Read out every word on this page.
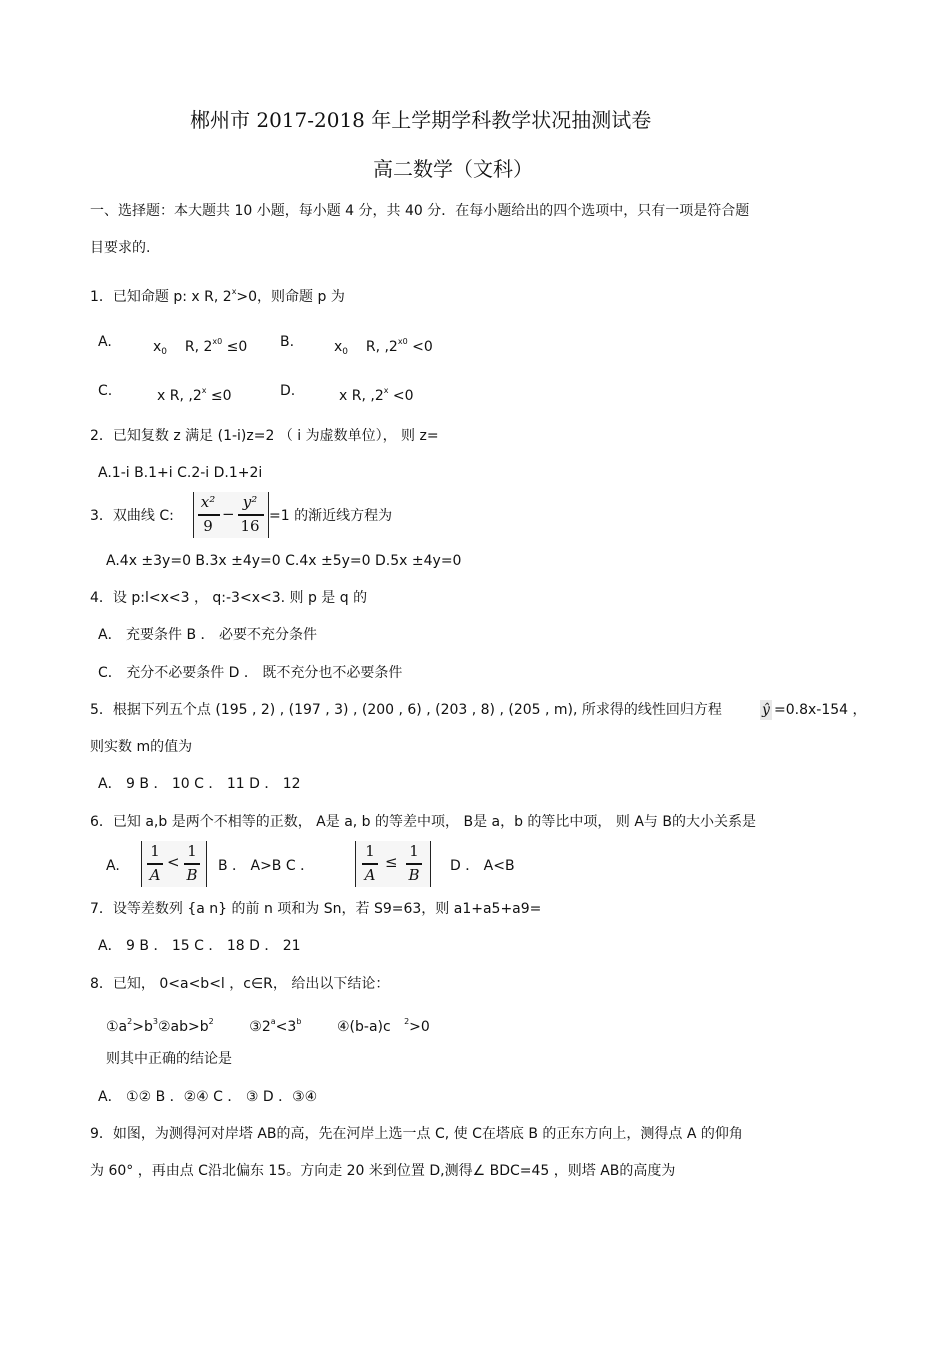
郴州市 2017-2018 年上学期学科教学状况抽测试卷
高二数学（文科）
一、选择题：本大题共 10 小题，每小题 4 分，共 40 分．在每小题给出的四个选项中，只有一项是符合题
目要求的.
1．已知命题 p: x R, $2^x>0$，则命题 p 为
A.	$x_0$ R, $2^{x0} \le 0$ B.	$x_0$ R, $,2^{x0} <0$
C.	x R, $,2^x \le 0$	D.	x R, $,2^x <0$
2．已知复数 z 满足 (1-i)z=2 （ i 为虚数单位）， 则 z=
A.1-i B.1+i C.2-i D.1+2i
3．双曲线 C:
x²
9
−
y²
16
=1 的渐近线方程为
A.4x ±3y=0 B.3x ±4y=0 C.4x ±5y=0 D.5x ±4y=0
4．设 p:l<x<3 ， q:-3<x<3. 则 p 是 q 的
A． 充要条件 B ． 必要不充分条件
C． 充分不必要条件 D ． 既不充分也不必要条件
5．根据下列五个点 (195 , 2) , (197 , 3) , (200 , 6) , (203 , 8) , (205 , m), 所求得的线性回归方程	ŷ =0.8x-154 ，
则实数 m的值为
A． 9 B ． 10 C ． 11 D ． 12
6．已知 a,b 是两个不相等的正数， A是 a, b 的等差中项， B是 a，b 的等比中项， 则 A与 B的大小关系是
A.
1
A
<
1
B	B ． A>B C ．
1
A
≤
1
B	D ． A<B
7．设等差数列 {a n} 的前 n 项和为 Sn，若 S9=63，则 a1+a5+a9=
A． 9 B ． 15 C ． 18 D ． 21
8．已知， 0<a<b<l ，c∈R， 给出以下结论：
$①a^2>b^3②ab>b^2$	$③2^a<3^b$	④(b-a)c $^2$>0
则其中正确的结论是
A． ①② B ．②④ C ． ③ D ．③④
9．如图，为测得河对岸塔 AB的高，先在河岸上选一点 C, 使 C在塔底 B 的正东方向上，测得点 A 的仰角
为 60° ，再由点 C沿北偏东 15。方向走 20 米到位置 D,测得∠ BDC=45 ，则塔 AB的高度为
